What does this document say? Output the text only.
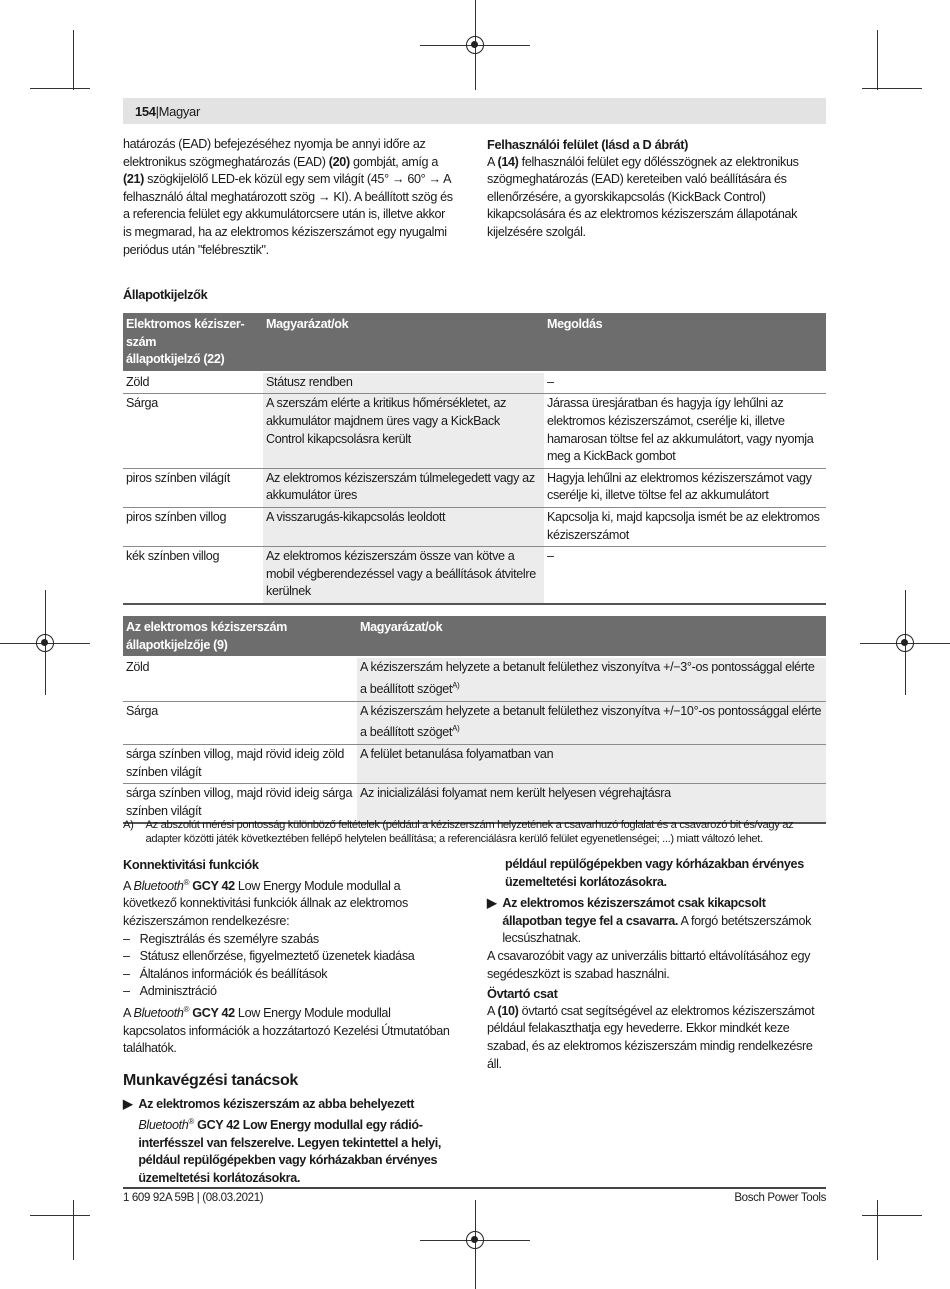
154|Magyar
határozás (EAD) befejezéséhez nyomja be annyi időre az elektronikus szögmeghatározás (EAD) (20) gombját, amíg a (21) szögkijelölő LED-ek közül egy sem világít (45° → 60° → A felhasználó által meghatározott szög → KI). A beállított szög és a referencia felület egy akkumulátorcsere után is, illetve akkor is megmarad, ha az elektromos kéziszerszámot egy nyugalmi periódus után "felébresztik".
Felhasználói felület (lásd a D ábrát)
A (14) felhasználói felület egy dőlésszögnek az elektronikus szögmeghatározás (EAD) kereteiben való beállítására és ellenőrzésére, a gyorskikapcsolás (KickBack Control) kikapcsolására és az elektromos kéziszerszám állapotának kijelzésére szolgál.
Állapotkijelzők
Elektromos kéziszer-
szám
állapotkijelző (22)	Magyarázat/ok	Megoldás
Zöld	Státusz rendben	–
Sárga	A szerszám elérte a kritikus hőmérsékletet, az akkumulátor majdnem üres vagy a KickBack Control kikapcsolásra került	Járassa üresjáratban és hagyja így lehűlni az elektromos kéziszerszámot, cserélje ki, illetve hamarosan töltse fel az akkumulátort, vagy nyomja meg a KickBack gombot
piros színben világít	Az elektromos kéziszerszám túlmelegedett vagy az akkumulátor üres	Hagyja lehűlni az elektromos kéziszerszámot vagy cserélje ki, illetve töltse fel az akkumulátort
piros színben villog	A visszarugás-kikapcsolás leoldott	Kapcsolja ki, majd kapcsolja ismét be az elektromos kéziszerszámot
kék színben villog	Az elektromos kéziszerszám össze van kötve a mobil végberendezéssel vagy a beállítások átvitelre kerülnek	–
Az elektromos kéziszerszám állapotkijelzője (9)	Magyarázat/ok
Zöld	A kéziszerszám helyzete a betanult felülethez viszonyítva +/−3°-os pontossággal elérte a beállított szöget$^{A)}$
Sárga	A kéziszerszám helyzete a betanult felülethez viszonyítva +/−10°-os pontossággal elérte a beállított szöget$^{A)}$
sárga színben villog, majd rövid ideig zöld színben világít	A felület betanulása folyamatban van
sárga színben villog, majd rövid ideig sárga színben világít	Az inicializálási folyamat nem került helyesen végrehajtásra
A) Az abszolút mérési pontosság különböző feltételek (például a kéziszerszám helyzetének a csavarhuzó foglalat és a csavarozó bit és/vagy az adapter közötti játék következtében fellépő helytelen beállítása; a referenciálásra kerülő felület egyenetlenségei; ...) miatt változó lehet.
Konnektivitási funkciók
A Bluetooth® GCY 42 Low Energy Module modullal a következő konnektivitási funkciók állnak az elektromos kéziszerszámon rendelkezésre:
– Regisztrálás és személyre szabás
– Státusz ellenőrzése, figyelmeztető üzenetek kiadása
– Általános információk és beállítások
– Adminisztráció
A Bluetooth® GCY 42 Low Energy Module modullal kapcsolatos információk a hozzátartozó Kezelési Útmutatóban találhatók.
Munkavégzési tanácsok
▶ Az elektromos kéziszerszám az abba behelyezett Bluetooth® GCY 42 Low Energy modullal egy rádió-interfésszel van felszerelve. Legyen tekintettel a helyi, például repülőgépekben vagy kórházakban érvényes üzemeltetési korlátozásokra.
például repülőgépekben vagy kórházakban érvényes üzemeltetési korlátozásokra.
▶ Az elektromos kéziszerszámot csak kikapcsolt állapotban tegye fel a csavarra. A forgó betétszerszámok lecsúszhatnak.
A csavarozóbit vagy az univerzális bittartó eltávolításához egy segédeszközt is szabad használni.
Övtartó csat
A (10) övtartó csat segítségével az elektromos kéziszerszámot például felakaszthatja egy hevederre. Ekkor mindkét keze szabad, és az elektromos kéziszerszám mindig rendelkezésre áll.
1 609 92A 59B | (08.03.2021)	Bosch Power Tools
